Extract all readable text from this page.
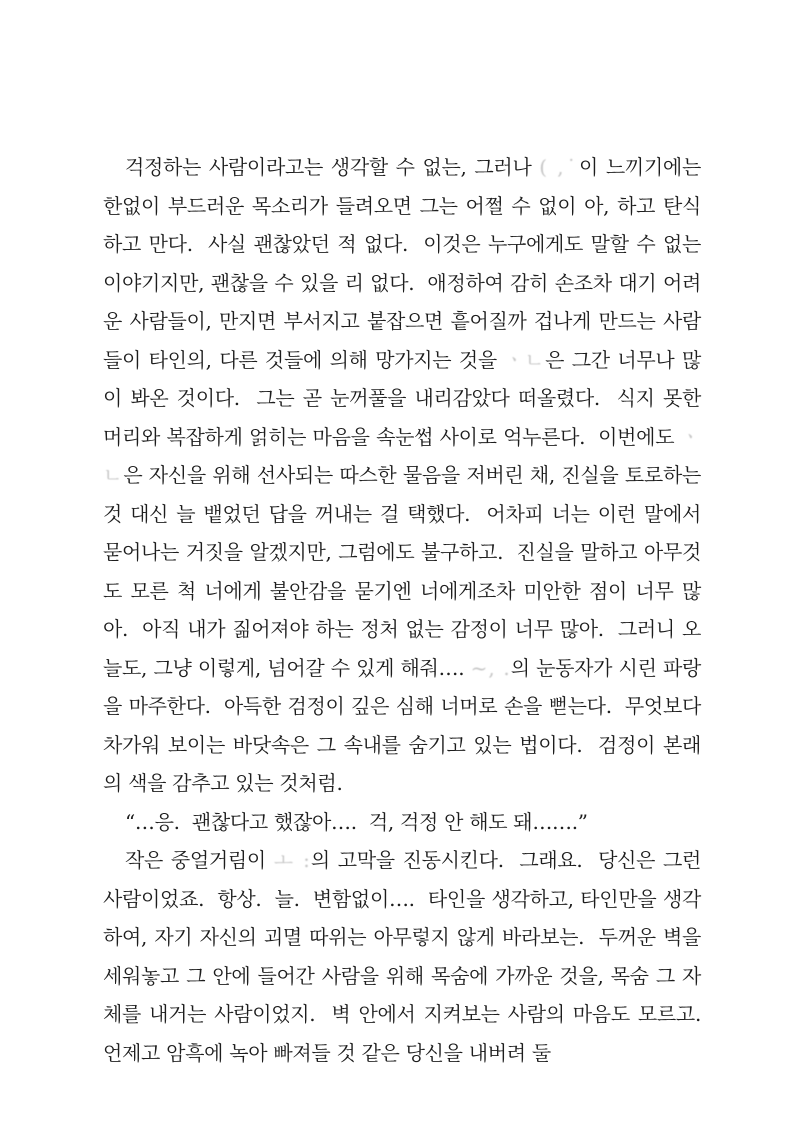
걱정하는 사람이라고는 생각할 수 없는, 그러나 ( ,˙이 느끼기에는 한없이 부드러운 목소리가 들려오면 그는 어쩔 수 없이 아, 하고 탄식하고 만다.  사실 괜찮았던 적 없다.  이것은 누구에게도 말할 수 없는 이야기지만, 괜찮을 수 있을 리 없다.  애정하여 감히 손조차 대기 어려운 사람들이, 만지면 부서지고 붙잡으면 흩어질까 겁나게 만드는 사람들이 타인의, 다른 것들에 의해 망가지는 것을 ㆍㄴ은 그간 너무나 많이 봐온 것이다.  그는 곧 눈꺼풀을 내리감았다 떠올렸다.  식지 못한 머리와 복잡하게 얽히는 마음을 속눈썹 사이로 억누른다.  이번에도 ㆍㄴ은 자신을 위해 선사되는 따스한 물음을 저버린 채, 진실을 토로하는 것 대신 늘 뱉었던 답을 꺼내는 걸 택했다.  어차피 너는 이런 말에서 묻어나는 거짓을 알겠지만, 그럼에도 불구하고.  진실을 말하고 아무것도 모른 척 너에게 불안감을 묻기엔 너에게조차 미안한 점이 너무 많아.  아직 내가 짊어져야 하는 정처 없는 감정이 너무 많아.  그러니 오늘도, 그냥 이렇게, 넘어갈 수 있게 해줘…. ~, .의 눈동자가 시린 파랑을 마주한다.  아득한 검정이 깊은 심해 너머로 손을 뻗는다.  무엇보다 차가워 보이는 바닷속은 그 속내를 숨기고 있는 법이다.  검정이 본래의 색을 감추고 있는 것처럼.

“…응.  괜찮다고 했잖아….  걱, 걱정 안 해도 돼…….”

작은 중얼거림이 ㅗ :의 고막을 진동시킨다.  그래요.  당신은 그런 사람이었죠.  항상.  늘.  변함없이….  타인을 생각하고, 타인만을 생각하여, 자기 자신의 괴멸 따위는 아무렇지 않게 바라보는.  두꺼운 벽을 세워놓고 그 안에 들어간 사람을 위해 목숨에 가까운 것을, 목숨 그 자체를 내거는 사람이었지.  벽 안에서 지켜보는 사람의 마음도 모르고.  언제고 암흑에 녹아 빠져들 것 같은 당신을 내버려 둘
